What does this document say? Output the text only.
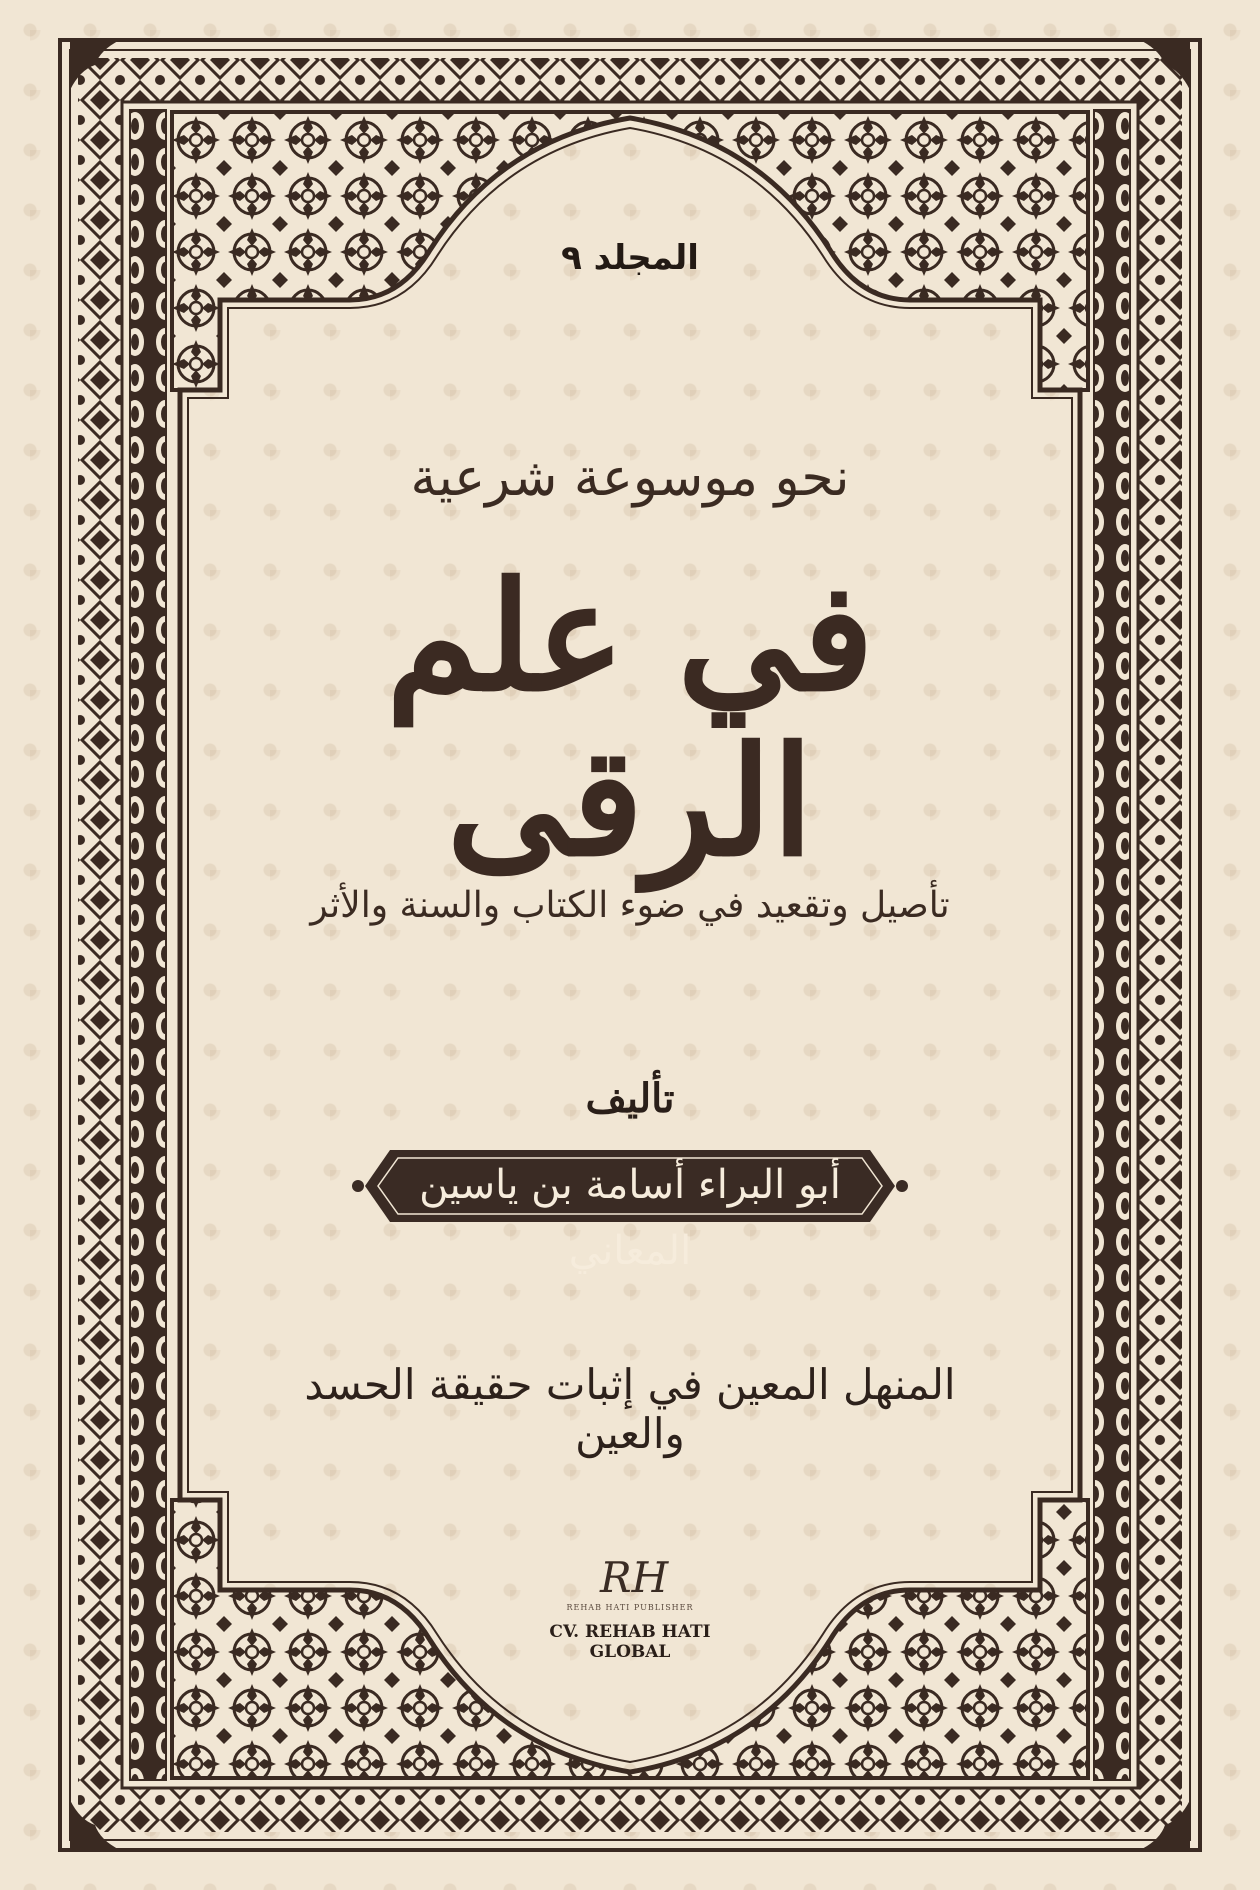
المجلد ٩
نحو موسوعة شرعية
في علم الرقى
تأصيل وتقعيد في ضوء الكتاب والسنة والأثر
تأليف
أبو البراء أسامة بن ياسين المعاني
المنهل المعين في إثبات حقيقة الحسد والعين
RH
REHAB HATI PUBLISHER
CV. REHAB HATI
GLOBAL
